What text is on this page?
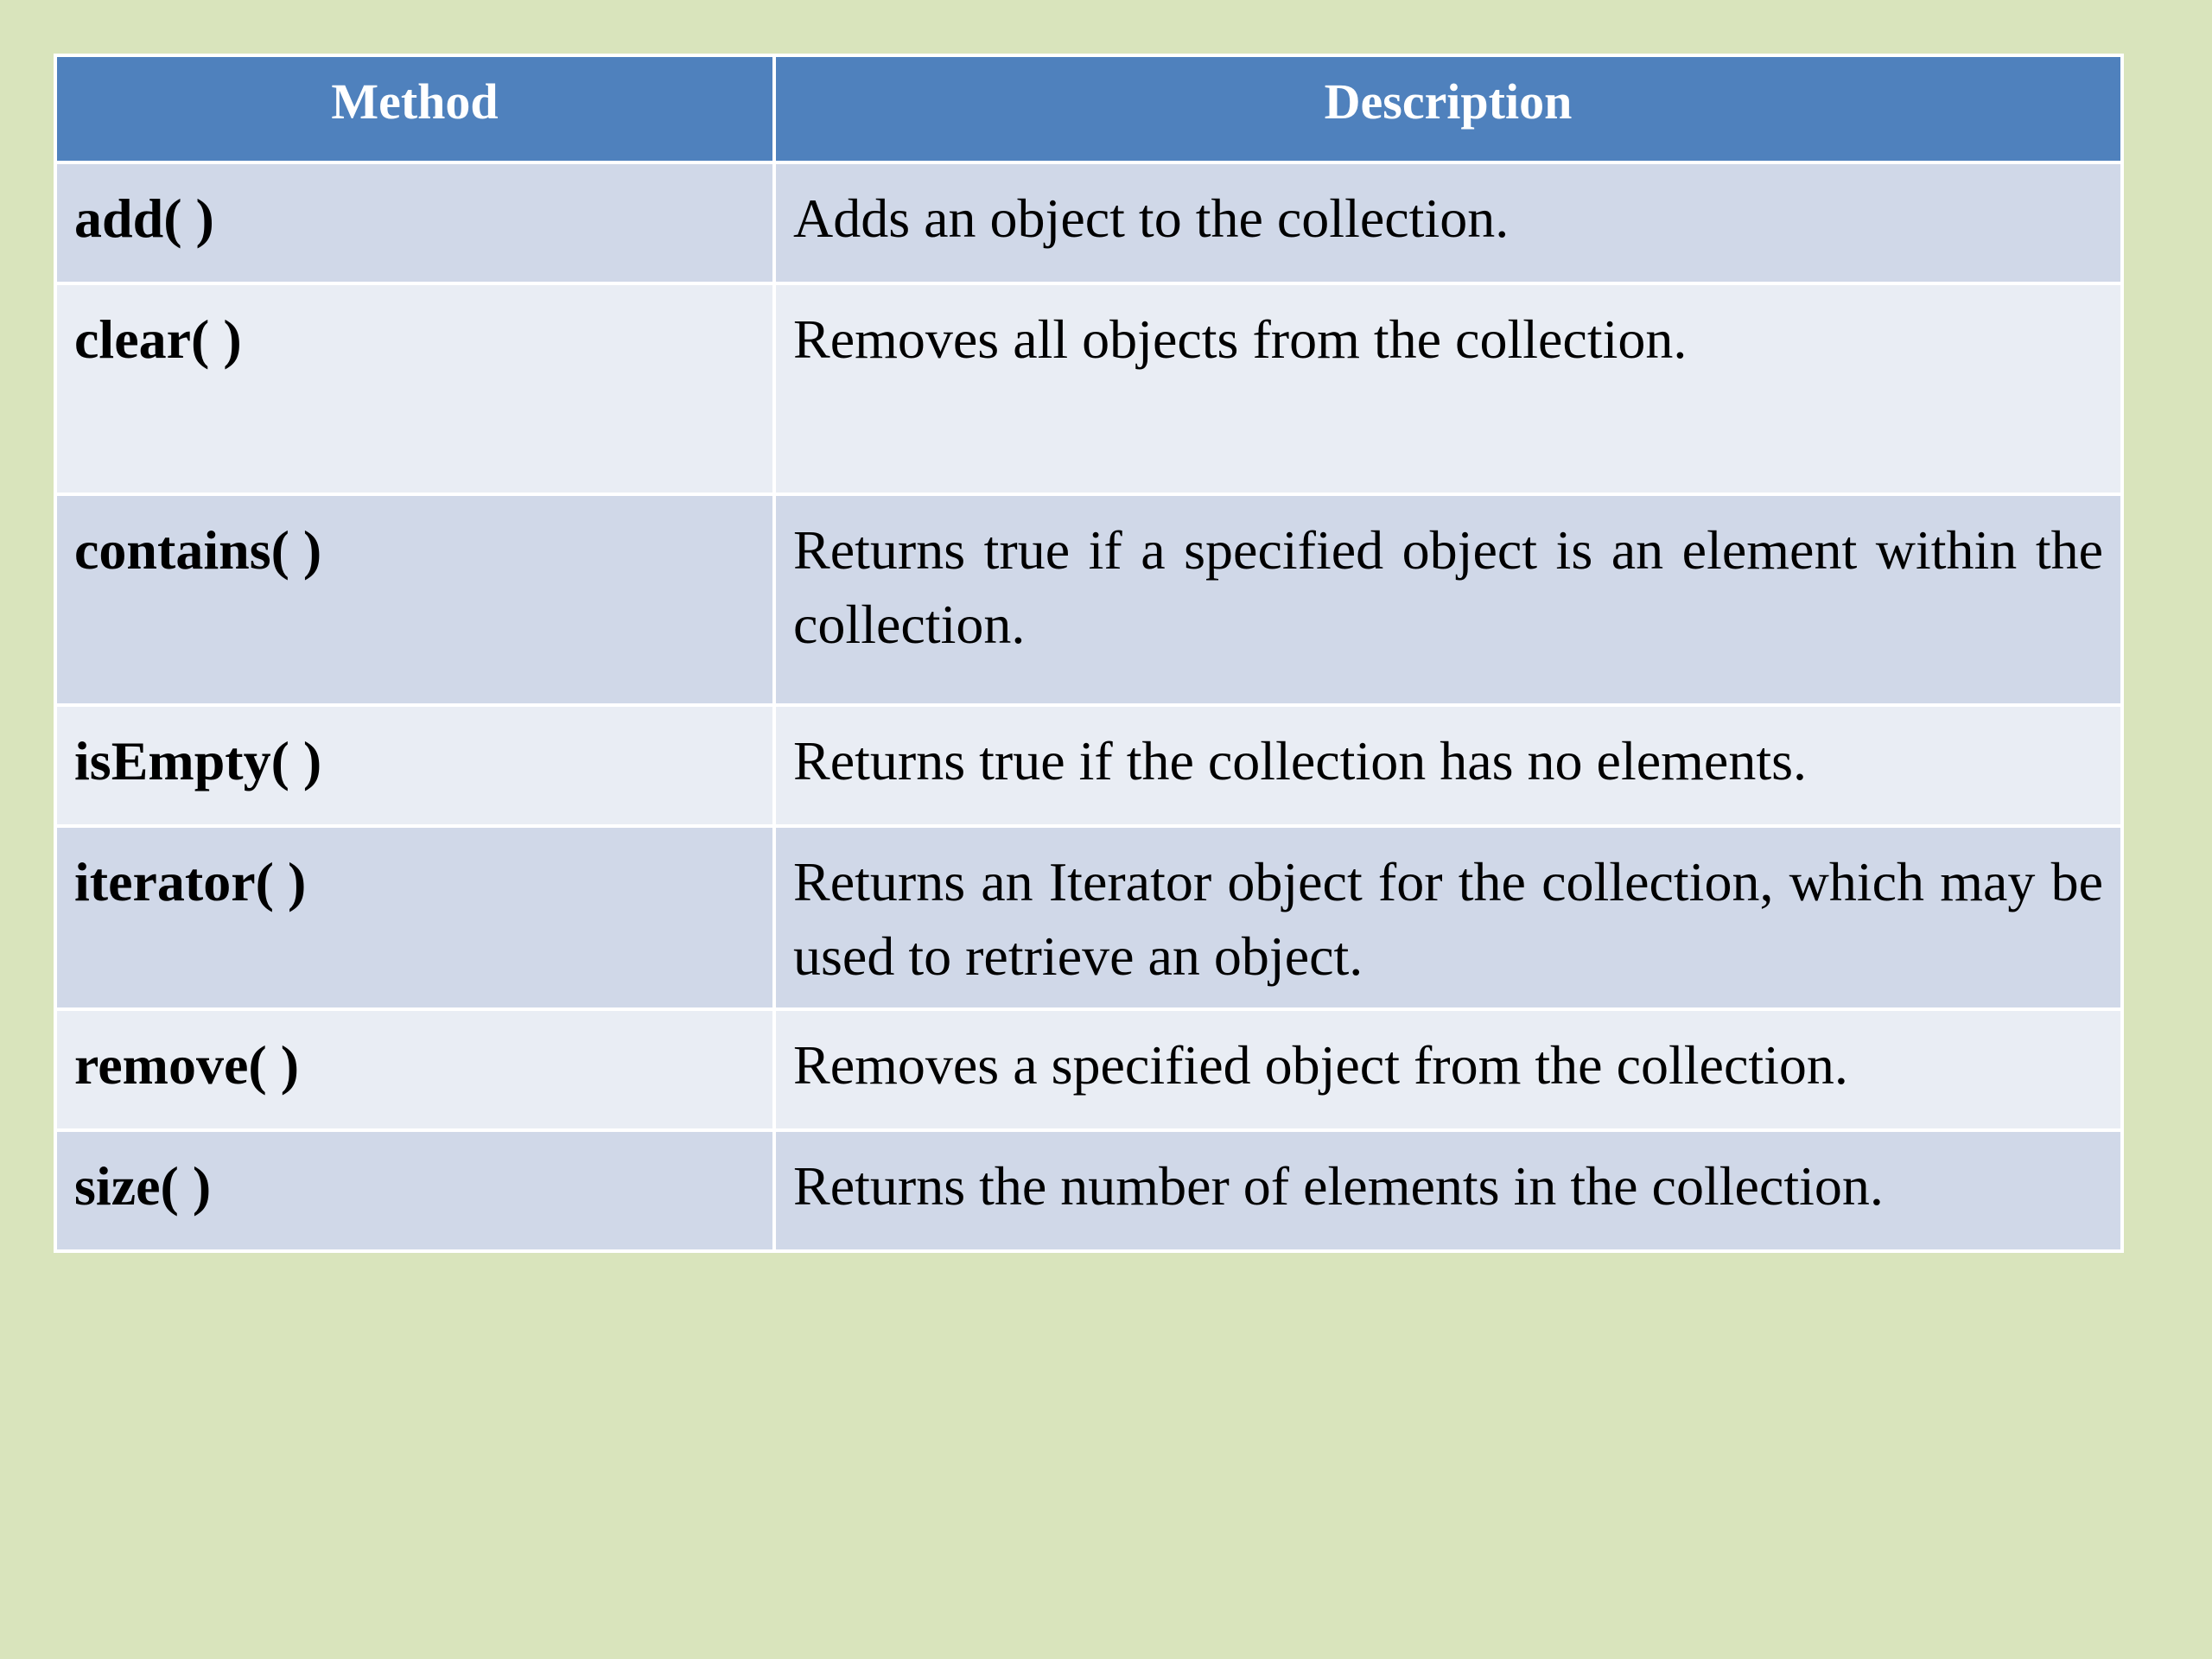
Method	Description
add( )	Adds an object to the collection.
clear( )	Removes all objects from the collection.
contains( )	Returns true if a specified object is an element within the collection.
isEmpty( )	Returns true if the collection has no elements.
iterator( )	Returns an Iterator object for the collection, which may be used to retrieve an object.
remove( )	Removes a specified object from the collection.
size( )	Returns the number of elements in the collection.
